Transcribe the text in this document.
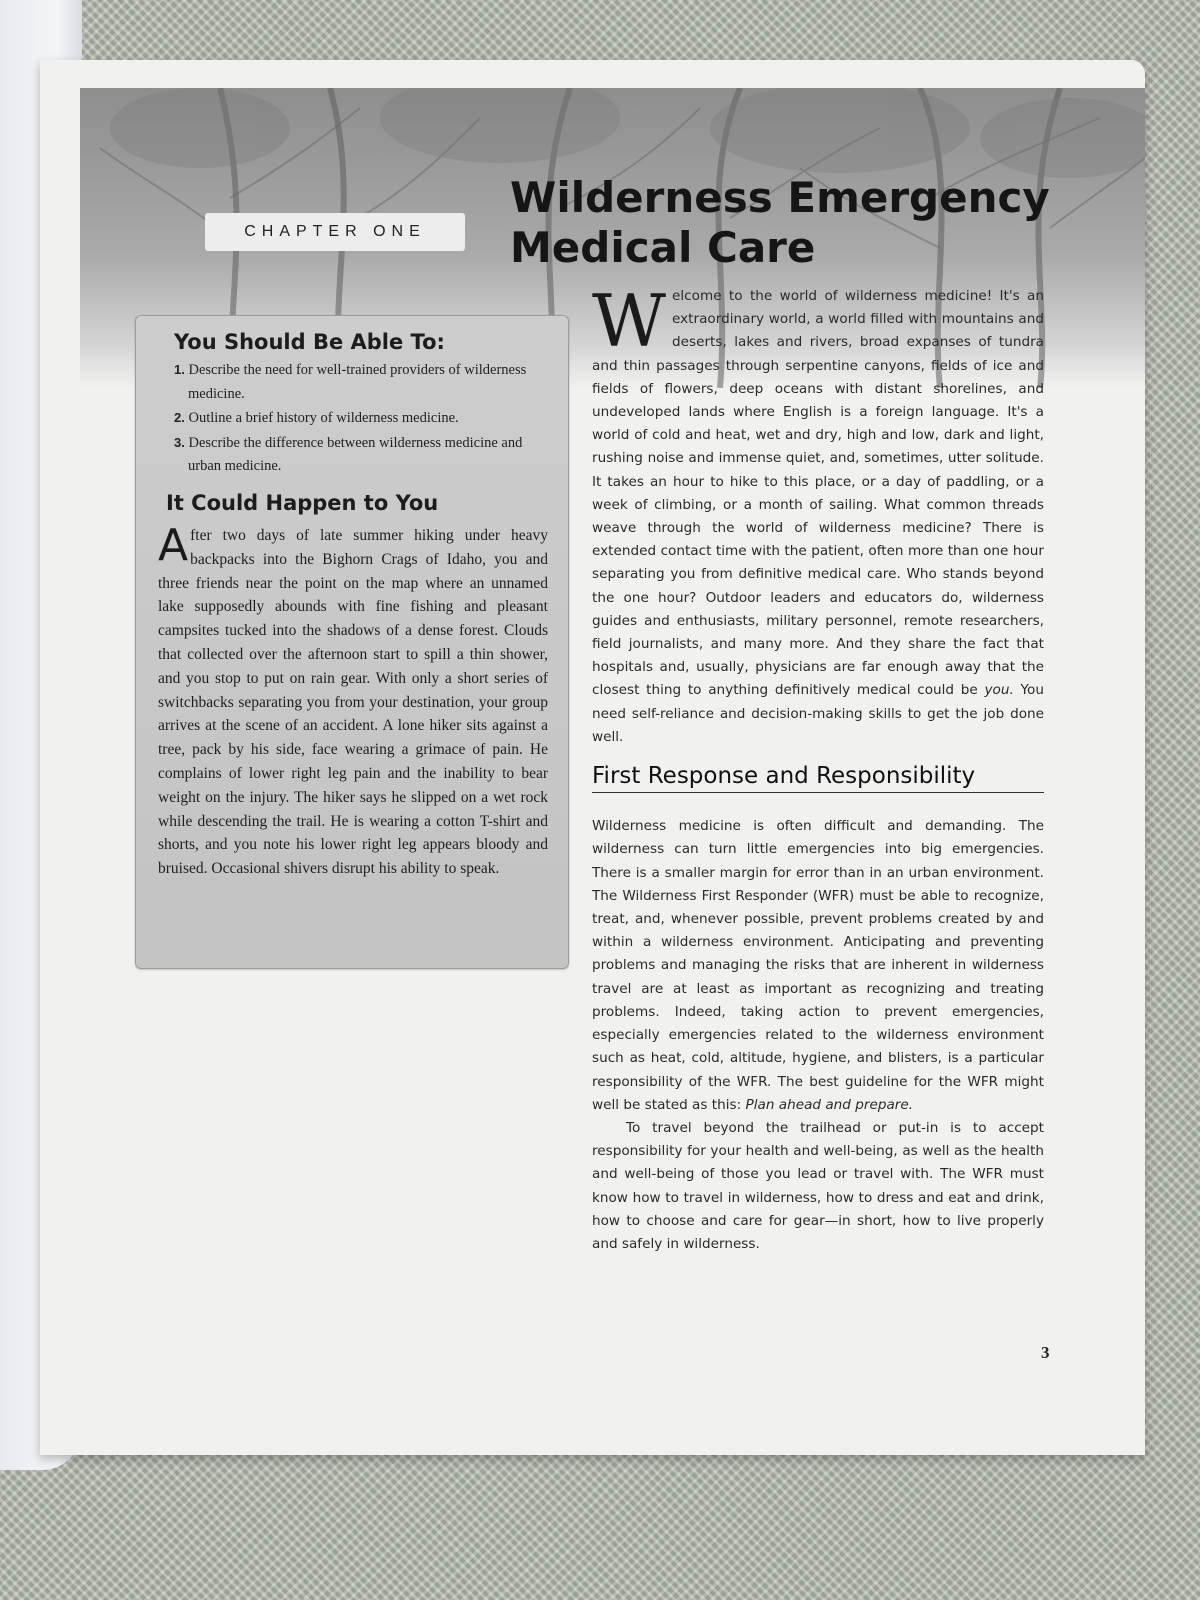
CHAPTER ONE
Wilderness Emergency
Medical Care
You Should Be Able To:
1. Describe the need for well-trained providers of wilderness medicine.
2. Outline a brief history of wilderness medicine.
3. Describe the difference between wilderness medicine and urban medicine.
It Could Happen to You
After two days of late summer hiking under heavy backpacks into the Bighorn Crags of Idaho, you and three friends near the point on the map where an unnamed lake supposedly abounds with fine fishing and pleasant campsites tucked into the shadows of a dense forest. Clouds that collected over the afternoon start to spill a thin shower, and you stop to put on rain gear. With only a short series of switchbacks separating you from your destination, your group arrives at the scene of an accident. A lone hiker sits against a tree, pack by his side, face wearing a grimace of pain. He complains of lower right leg pain and the inability to bear weight on the injury. The hiker says he slipped on a wet rock while descending the trail. He is wearing a cotton T-shirt and shorts, and you note his lower right leg appears bloody and bruised. Occasional shivers disrupt his ability to speak.

Welcome to the world of wilderness medicine! It's an extraordinary world, a world filled with mountains and deserts, lakes and rivers, broad expanses of tundra and thin passages through serpentine canyons, fields of ice and fields of flowers, deep oceans with distant shorelines, and undeveloped lands where English is a foreign language. It's a world of cold and heat, wet and dry, high and low, dark and light, rushing noise and immense quiet, and, sometimes, utter solitude. It takes an hour to hike to this place, or a day of paddling, or a week of climbing, or a month of sailing. What common threads weave through the world of wilderness medicine? There is extended contact time with the patient, often more than one hour separating you from definitive medical care. Who stands beyond the one hour? Outdoor leaders and educators do, wilderness guides and enthusiasts, military personnel, remote researchers, field journalists, and many more. And they share the fact that hospitals and, usually, physicians are far enough away that the closest thing to anything definitively medical could be you. You need self-reliance and decision-making skills to get the job done well.

First Response and Responsibility

Wilderness medicine is often difficult and demanding. The wilderness can turn little emergencies into big emergencies. There is a smaller margin for error than in an urban environment. The Wilderness First Responder (WFR) must be able to recognize, treat, and, whenever possible, prevent problems created by and within a wilderness environment. Anticipating and preventing problems and managing the risks that are inherent in wilderness travel are at least as important as recognizing and treating problems. Indeed, taking action to prevent emergencies, especially emergencies related to the wilderness environment such as heat, cold, altitude, hygiene, and blisters, is a particular responsibility of the WFR. The best guideline for the WFR might well be stated as this: Plan ahead and prepare.

To travel beyond the trailhead or put-in is to accept responsibility for your health and well-being, as well as the health and well-being of those you lead or travel with. The WFR must know how to travel in wilderness, how to dress and eat and drink, how to choose and care for gear—in short, how to live properly and safely in wilderness.

3
